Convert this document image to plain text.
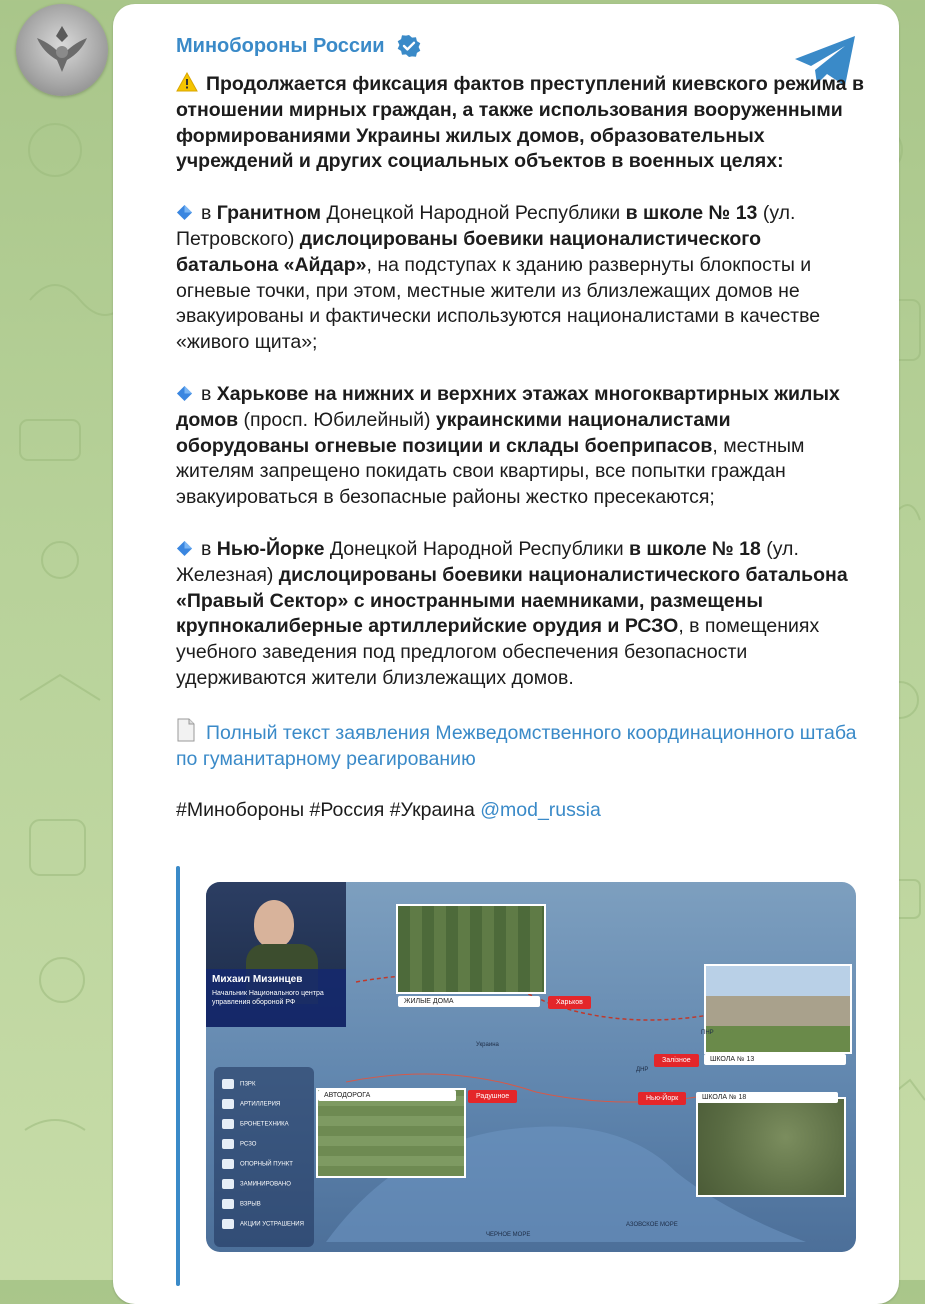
Минобороны России

Продолжается фиксация фактов преступлений киевского режима в отношении мирных граждан, а также использования вооруженными формированиями Украины жилых домов, образовательных учреждений и других социальных объектов в военных целях:

в Гранитном Донецкой Народной Республики в школе № 13 (ул. Петровского) дислоцированы боевики националистического батальона «Айдар», на подступах к зданию развернуты блокпосты и огневые точки, при этом, местные жители из близлежащих домов не эвакуированы и фактически используются националистами в качестве «живого щита»;

в Харькове на нижних и верхних этажах многоквартирных жилых домов (просп. Юбилейный) украинскими националистами оборудованы огневые позиции и склады боеприпасов, местным жителям запрещено покидать свои квартиры, все попытки граждан эвакуироваться в безопасные районы жестко пресекаются;

в Нью-Йорке Донецкой Народной Республики в школе № 18 (ул. Железная) дислоцированы боевики националистического батальона «Правый Сектор» с иностранными наемниками, размещены крупнокалиберные артиллерийские орудия и РСЗО, в помещениях учебного заведения под предлогом обеспечения безопасности удерживаются жители близлежащих домов.

Полный текст заявления Межведомственного координационного штаба по гуманитарному реагированию

#Минобороны #Россия #Украина @mod_russia

Михаил Мизинцев
Начальник Национального центра управления обороной РФ
ПЗРК
АРТИЛЛЕРИЯ
БРОНЕТЕХНИКА
РСЗО
ОПОРНЫЙ ПУНКТ
ЗАМИНИРОВАНО
ВЗРЫВ
АКЦИИ УСТРАШЕНИЯ
ЖИЛЫЕ ДОМА	Харьков
Залізное	ШКОЛА № 13
Нью-Йорк	ШКОЛА № 18
АВТОДОРОГА	Радушное
Украина
АЗОВСКОЕ МОРЕ
ЧЕРНОЕ МОРЕ
ПНР
ДНР
